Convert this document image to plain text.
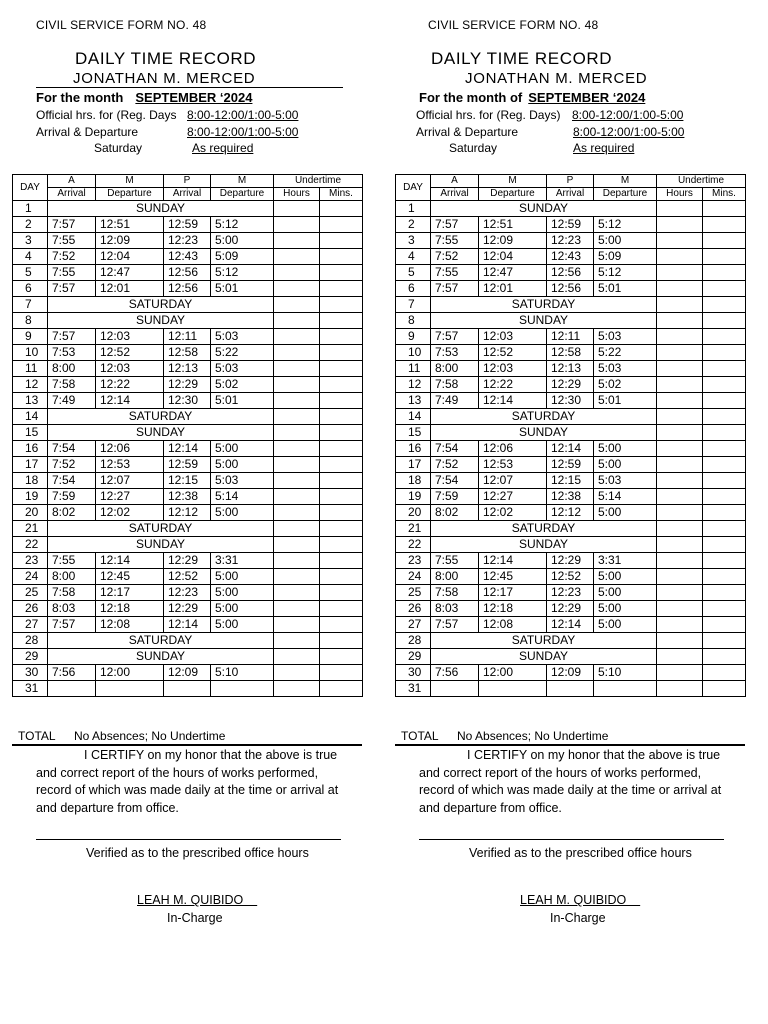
CIVIL SERVICE FORM NO. 48
DAILY TIME RECORD
JONATHAN M. MERCED
For the month SEPTEMBER ‘2024
Official hrs. for (Reg. Days 8:00-12:00/1:00-5:00
Arrival & Departure	8:00-12:00/1:00-5:00
Saturday	As required
DAY	A	M	P	M	Undertime	
	Arrival	Departure	Arrival	Departure	Hours	Mins.
1	SUNDAY					
2	7:57	12:51	12:59	5:12		
3	7:55	12:09	12:23	5:00		
4	7:52	12:04	12:43	5:09		
5	7:55	12:47	12:56	5:12		
6	7:57	12:01	12:56	5:01		
7	SATURDAY					
8	SUNDAY					
9	7:57	12:03	12:11	5:03		
10	7:53	12:52	12:58	5:22		
11	8:00	12:03	12:13	5:03		
12	7:58	12:22	12:29	5:02		
13	7:49	12:14	12:30	5:01		
14	SATURDAY					
15	SUNDAY					
16	7:54	12:06	12:14	5:00		
17	7:52	12:53	12:59	5:00		
18	7:54	12:07	12:15	5:03		
19	7:59	12:27	12:38	5:14		
20	8:02	12:02	12:12	5:00		
21	SATURDAY					
22	SUNDAY					
23	7:55	12:14	12:29	3:31		
24	8:00	12:45	12:52	5:00		
25	7:58	12:17	12:23	5:00		
26	8:03	12:18	12:29	5:00		
27	7:57	12:08	12:14	5:00		
28	SATURDAY					
29	SUNDAY					
30	7:56	12:00	12:09	5:10		
31						
TOTAL No Absences; No Undertime
I CERTIFY on my honor that the above is true and correct report of the hours of works performed, record of which was made daily at the time or arrival at and departure from office.
Verified as to the prescribed office hours
LEAH M. QUIBIDO
In-Charge
CIVIL SERVICE FORM NO. 48
DAILY TIME RECORD
JONATHAN M. MERCED
For the month of SEPTEMBER ‘2024
Official hrs. for (Reg. Days) 8:00-12:00/1:00-5:00
Arrival & Departure	8:00-12:00/1:00-5:00
Saturday	As required
DAY	A	M	P	M	Undertime	
	Arrival	Departure	Arrival	Departure	Hours	Mins.
1	SUNDAY					
2	7:57	12:51	12:59	5:12		
3	7:55	12:09	12:23	5:00		
4	7:52	12:04	12:43	5:09		
5	7:55	12:47	12:56	5:12		
6	7:57	12:01	12:56	5:01		
7	SATURDAY					
8	SUNDAY					
9	7:57	12:03	12:11	5:03		
10	7:53	12:52	12:58	5:22		
11	8:00	12:03	12:13	5:03		
12	7:58	12:22	12:29	5:02		
13	7:49	12:14	12:30	5:01		
14	SATURDAY					
15	SUNDAY					
16	7:54	12:06	12:14	5:00		
17	7:52	12:53	12:59	5:00		
18	7:54	12:07	12:15	5:03		
19	7:59	12:27	12:38	5:14		
20	8:02	12:02	12:12	5:00		
21	SATURDAY					
22	SUNDAY					
23	7:55	12:14	12:29	3:31		
24	8:00	12:45	12:52	5:00		
25	7:58	12:17	12:23	5:00		
26	8:03	12:18	12:29	5:00		
27	7:57	12:08	12:14	5:00		
28	SATURDAY					
29	SUNDAY					
30	7:56	12:00	12:09	5:10		
31						
TOTAL No Absences; No Undertime
I CERTIFY on my honor that the above is true and correct report of the hours of works performed, record of which was made daily at the time or arrival at and departure from office.
Verified as to the prescribed office hours
LEAH M. QUIBIDO
In-Charge
